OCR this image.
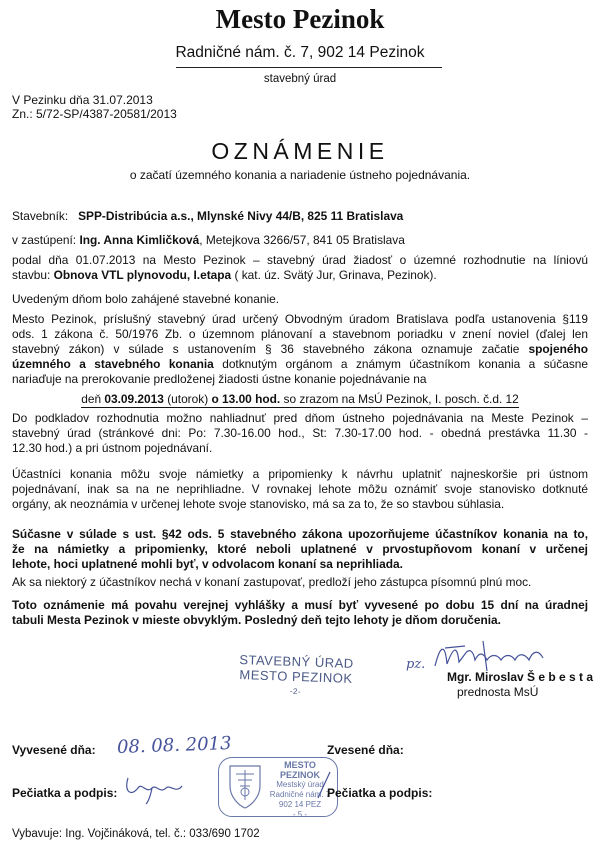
Mesto Pezinok
Radničné nám. č. 7, 902 14 Pezinok
stavebný úrad
V Pezinku dňa 31.07.2013
Zn.: 5/72-SP/4387-20581/2013
OZNÁMENIE
o začatí územného konania a nariadenie ústneho pojednávania.
Stavebník: SPP-Distribúcia a.s., Mlynské Nivy 44/B, 825 11 Bratislava
v zastúpení: Ing. Anna Kimličková, Metejkova 3266/57, 841 05 Bratislava
podal dňa 01.07.2013 na Mesto Pezinok – stavebný úrad žiadosť o územné rozhodnutie na líniovú
stavbu: Obnova VTL plynovodu, I.etapa ( kat. úz. Svätý Jur, Grinava, Pezinok).
Uvedeným dňom bolo zahájené stavebné konanie.
Mesto Pezinok, príslušný stavebný úrad určený Obvodným úradom Bratislava podľa ustanovenia §119
ods. 1 zákona č. 50/1976 Zb. o územnom plánovaní a stavebnom poriadku v znení noviel (ďalej len
stavebný zákon) v súlade s ustanovením § 36 stavebného zákona oznamuje začatie spojeného
územného a stavebného konania dotknutým orgánom a známym účastníkom konania a súčasne
nariaďuje na prerokovanie predloženej žiadosti ústne konanie pojednávanie na
deň 03.09.2013 (utorok) o 13.00 hod. so zrazom na MsÚ Pezinok, I. posch. č.d. 12
Do podkladov rozhodnutia možno nahliadnuť pred dňom ústneho pojednávania na Meste Pezinok –
stavebný úrad (stránkové dni: Po: 7.30-16.00 hod., St: 7.30-17.00 hod. - obedná prestávka 11.30 -
12.30 hod.) a pri ústnom pojednávaní.
Účastníci konania môžu svoje námietky a pripomienky k návrhu uplatniť najneskoršie pri ústnom
pojednávaní, inak sa na ne neprihliadne. V rovnakej lehote môžu oznámiť svoje stanovisko dotknuté
orgány, ak neoznámia v určenej lehote svoje stanovisko, má sa za to, že so stavbou súhlasia.
Súčasne v súlade s ust. §42 ods. 5 stavebného zákona upozorňujeme účastníkov konania na to,
že na námietky a pripomienky, ktoré neboli uplatnené v prvostupňovom konaní v určenej
lehote, hoci uplatnené mohli byť, v odvolacom konaní sa neprihliada.
Ak sa niektorý z účastníkov nechá v konaní zastupovať, predloží jeho zástupca písomnú plnú moc.
Toto oznámenie má povahu verejnej vyhlášky a musí byť vyvesené po dobu 15 dní na úradnej
tabuli Mesta Pezinok v mieste obvyklým. Posledný deň tejto lehoty je dňom doručenia.
STAVEBNÝ ÚRAD
MESTO PEZINOK
-2-
pz.
Mgr. Miroslav Š e b e s t a
prednosta MsÚ
Vyvesené dňa: 08. 08. 2013	Zvesené dňa:
Pečiatka a podpis:
MESTO PEZINOK
Mestský úrad
Radničné nám. 7
902 14 PEZ
- 5 -
Pečiatka a podpis:
Vybavuje: Ing. Vojčináková, tel. č.: 033/690 1702
